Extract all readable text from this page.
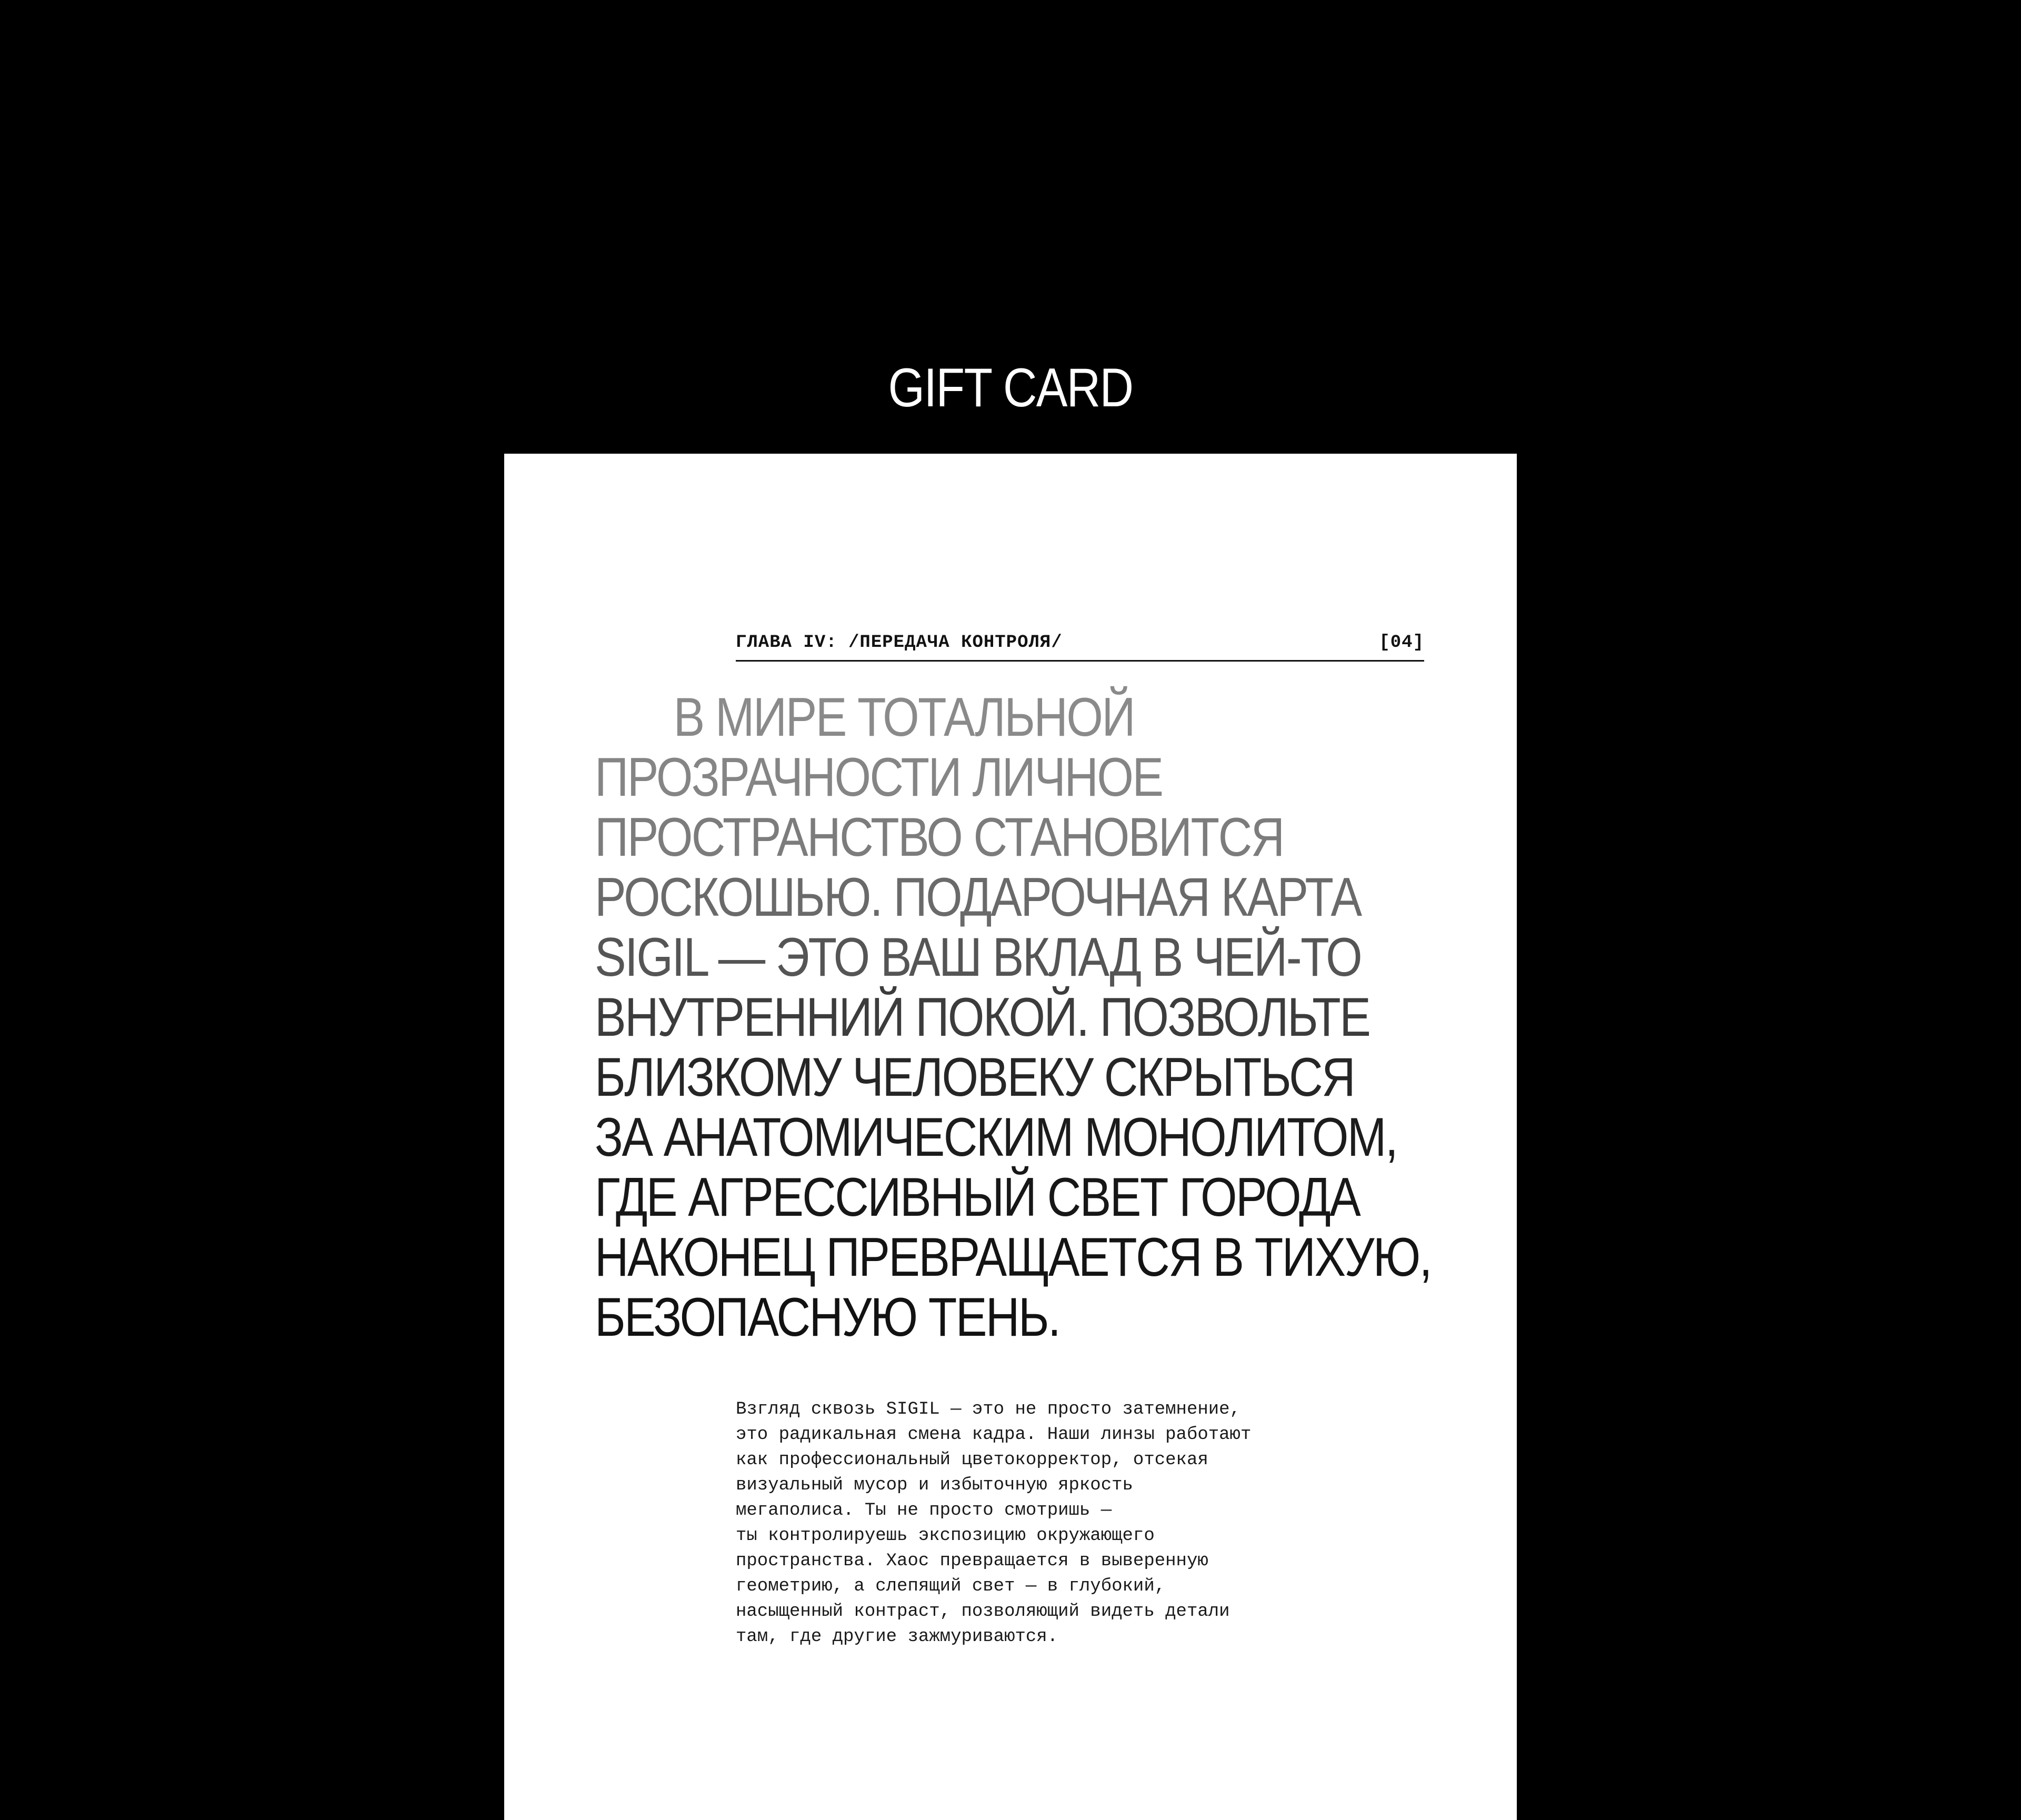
GIFT CARD
ГЛАВА IV: /ПЕРЕДАЧА КОНТРОЛЯ/	[04]

В МИРЕ ТОТАЛЬНОЙ
ПРОЗРАЧНОСТИ ЛИЧНОЕ
ПРОСТРАНСТВО СТАНОВИТСЯ
РОСКОШЬЮ. ПОДАРОЧНАЯ КАРТА
SIGIL — ЭТО ВАШ ВКЛАД В ЧЕЙ-ТО
ВНУТРЕННИЙ ПОКОЙ. ПОЗВОЛЬТЕ
БЛИЗКОМУ ЧЕЛОВЕКУ СКРЫТЬСЯ
ЗА АНАТОМИЧЕСКИМ МОНОЛИТОМ,
ГДЕ АГРЕССИВНЫЙ СВЕТ ГОРОДА
НАКОНЕЦ ПРЕВРАЩАЕТСЯ В ТИХУЮ,
БЕЗОПАСНУЮ ТЕНЬ.

Взгляд сквозь SIGIL — это не просто затемнение,
это радикальная смена кадра. Наши линзы работают
как профессиональный цветокорректор, отсекая
визуальный мусор и избыточную яркость
мегаполиса. Ты не просто смотришь —
ты контролируешь экспозицию окружающего
пространства. Хаос превращается в выверенную
геометрию, а слепящий свет — в глубокий,
насыщенный контраст, позволяющий видеть детали
там, где другие зажмуриваются.
